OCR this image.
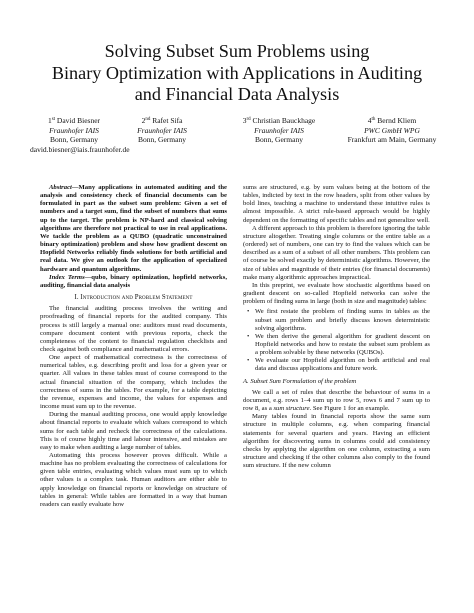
Solving Subset Sum Problems using
Binary Optimization with Applications in Auditing
and Financial Data Analysis
1st David Biesner
Fraunhofer IAIS
Bonn, Germany
david.biesner@iais.fraunhofer.de
2nd Rafet Sifa
Fraunhofer IAIS
Bonn, Germany
3rd Christian Bauckhage
Fraunhofer IAIS
Bonn, Germany
4th Bernd Kliem
PWC GmbH WPG
Frankfurt am Main, Germany

Abstract—Many applications in automated auditing and the analysis and consistency check of financial documents can be formulated in part as the subset sum problem: Given a set of numbers and a target sum, find the subset of numbers that sums up to the target. The problem is NP-hard and classical solving algorithms are therefore not practical to use in real applications. We tackle the problem as a QUBO (quadratic unconstrained binary optimization) problem and show how gradient descent on Hopfield Networks reliably finds solutions for both artificial and real data. We give an outlook for the application of specialized hardware and quantum algorithms.

Index Terms—qubo, binary optimization, hopfield networks, auditing, financial data analysis

I. Introduction and Problem Statement

The financial auditing process involves the writing and proofreading of financial reports for the audited company. This process is still largely a manual one: auditors must read documents, compare document content with previous reports, check the completeness of the content to financial regulation checklists and check against both compliance and mathematical errors.

One aspect of mathematical correctness is the correctness of numerical tables, e.g. describing profit and loss for a given year or quarter. All values in these tables must of course correspond to the actual financial situation of the company, which includes the correctness of sums in the tables. For example, for a table depicting the revenue, expenses and income, the values for expenses and income must sum up to the revenue.

During the manual auditing process, one would apply knowledge about financial reports to evaluate which values correspond to which sums for each table and recheck the correctness of the calculations. This is of course highly time and labour intensive, and mistakes are easy to make when auditing a large number of tables.

Automating this process however proves difficult. While a machine has no problem evaluating the correctness of calculations for given table entries, evaluating which values must sum up to which other values is a complex task. Human auditors are either able to apply knowledge on financial reports or knowledge on structure of tables in general: While tables are formatted in a way that human readers can easily evaluate how

sums are structured, e.g. by sum values being at the bottom of the tables, indicted by text in the row headers, split from other values by bold lines, teaching a machine to understand these intuitive rules is almost impossible. A strict rule-based approach would be highly dependent on the formatting of specific tables and not generalize well.

A different approach to this problem is therefore ignoring the table structure altogether. Treating single columns or the entire table as a (ordered) set of numbers, one can try to find the values which can be described as a sum of a subset of all other numbers. This problem can of course be solved exactly by deterministic algorithms. However, the size of tables and magnitude of their entries (for financial documents) make many algorithmic approaches impractical.

In this preprint, we evaluate how stochastic algorithms based on gradient descent on so-called Hopfield networks can solve the problem of finding sums in large (both in size and magnitude) tables:

• We first restate the problem of finding sums in tables as the subset sum problem and briefly discuss known deterministic solving algorithms.
• We then derive the general algorithm for gradient descent on Hopfield networks and how to restate the subset sum problem as a problem solvable by these networks (QUBOs).
• We evaluate our Hopfield algorithm on both artificial and real data and discuss applications and future work.
A. Subset Sum Formulation of the problem

We call a set of rules that describe the behaviour of sums in a document, e.g. rows 1–4 sum up to row 5, rows 6 and 7 sum up to row 8, as a sum structure. See Figure 1 for an example.

Many tables found in financial reports show the same sum structure in multiple columns, e.g. when comparing financial statements for several quarters and years. Having an efficient algorithm for discovering sums in columns could aid consistency checks by applying the algorithm on one column, extracting a sum structure and checking if the other columns also comply to the found sum structure. If the new column
